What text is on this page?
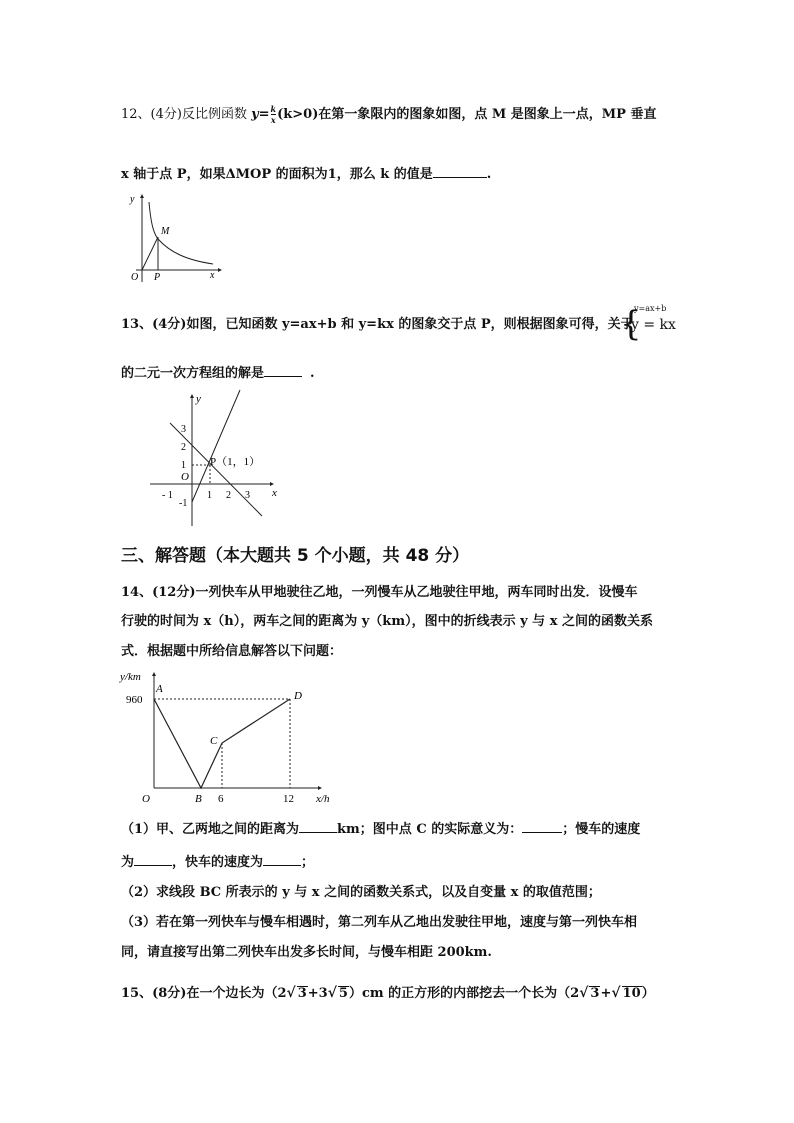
12、(4分)反比例函数 $y= \frac{k}{x} (k>0)$在第一象限内的图象如图，点 M 是图象上一点，MP 垂直
x 轴于点 P，如果ΔMOP 的面积为1，那么 k 的值是	.
y
M
O P	x
13、(4分)如图，已知函数 y=ax+b 和 y=kx 的图象交于点 P，则根据图象可得，关于
{
y=ax+b
y = kx
的二元一次方程组的解是	.
y
x
O
P（1，1）
3
2
1
-1
- 1	1 2 3
三、解答题（本大题共 5 个小题，共 48 分）
14、(12分)一列快车从甲地驶往乙地，一列慢车从乙地驶往甲地，两车同时出发．设慢车
行驶的时间为 x（h），两车之间的距离为 y（km），图中的折线表示 y 与 x 之间的函数关系
式．根据题中所给信息解答以下问题：
y/km
960
A
C
D
O	B 6	12 x/h
（1）甲、乙两地之间的距离为	km；图中点 C 的实际意义为：	；慢车的速度
为	，快车的速度为	；
（2）求线段 BC 所表示的 y 与 x 之间的函数关系式，以及自变量 x 的取值范围；
（3）若在第一列快车与慢车相遇时，第二列车从乙地出发驶往甲地，速度与第一列快车相
同，请直接写出第二列快车出发多长时间，与慢车相距 200km.
15、(8分)在一个边长为（2√ 3+3√ 5）cm 的正方形的内部挖去一个长为（2√ 3+√ 10）
